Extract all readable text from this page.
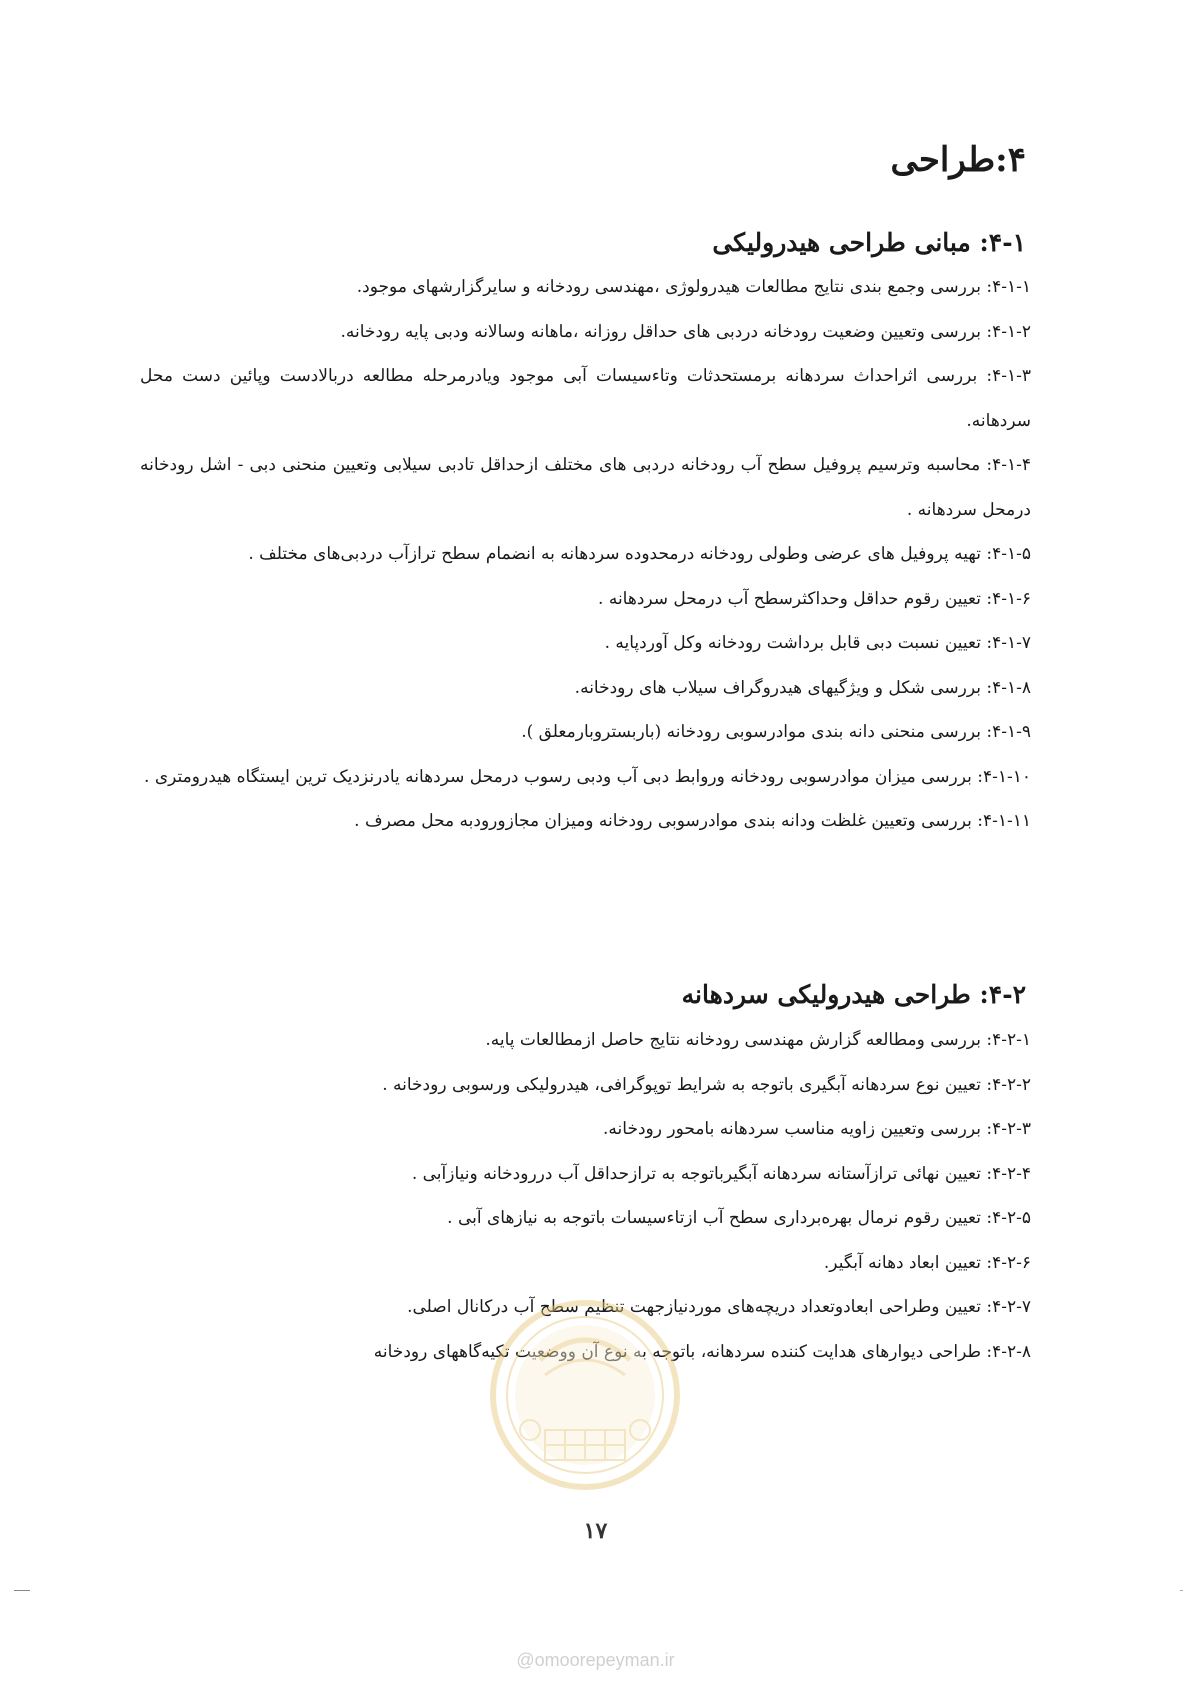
۴:طراحی
۴-۱: مبانی طراحی هیدرولیکی

۴-۱-۱: بررسی وجمع بندی نتایج مطالعات هیدرولوژی ،مهندسی رودخانه و سایرگزارشهای موجود.

۴-۱-۲: بررسی وتعیین وضعیت رودخانه دردبی های حداقل روزانه ،ماهانه وسالانه ودبی پایه رودخانه.

۴-۱-۳: بررسی اثراحداث سردهانه برمستحدثات وتاءسیسات آبی موجود ویادرمرحله مطالعه دربالادست وپائین دست محل سردهانه.

۴-۱-۴: محاسبه وترسیم پروفیل سطح آب رودخانه دردبی های مختلف ازحداقل تادبی سیلابی وتعیین منحنی دبی - اشل رودخانه درمحل سردهانه .

۴-۱-۵: تهیه پروفیل های عرضی وطولی رودخانه درمحدوده سردهانه به انضمام سطح ترازآب دردبی‌های مختلف .

۴-۱-۶: تعیین رقوم حداقل وحداکثرسطح آب درمحل سردهانه .

۴-۱-۷: تعیین نسبت دبی قابل برداشت رودخانه وکل آوردپایه .

۴-۱-۸: بررسی شکل و ویژگیهای هیدروگراف سیلاب های رودخانه.

۴-۱-۹: بررسی منحنی دانه بندی موادرسوبی رودخانه (باربستروبارمعلق ).

۴-۱-۱۰: بررسی میزان موادرسوبی رودخانه وروابط دبی آب ودبی رسوب درمحل سردهانه یادرنزدیک ترین ایستگاه هیدرومتری .

۴-۱-۱۱: بررسی وتعیین غلظت ودانه بندی موادرسوبی رودخانه ومیزان مجازورودبه محل مصرف .

۴-۲: طراحی هیدرولیکی سردهانه

۴-۲-۱: بررسی ومطالعه گزارش مهندسی رودخانه نتایج حاصل ازمطالعات پایه.

۴-۲-۲: تعیین نوع سردهانه آبگیری باتوجه به شرایط توپوگرافی، هیدرولیکی ورسوبی رودخانه .

۴-۲-۳: بررسی وتعیین زاویه مناسب سردهانه بامحور رودخانه.

۴-۲-۴: تعیین نهائی ترازآستانه سردهانه آبگیرباتوجه به ترازحداقل آب دررودخانه ونیازآبی .

۴-۲-۵: تعیین رقوم نرمال بهره‌برداری سطح آب ازتاءسیسات باتوجه به نیازهای آبی .

۴-۲-۶: تعیین ابعاد دهانه آبگیر.

۴-۲-۷: تعیین وطراحی ابعادوتعداد دریچه‌های موردنیازجهت تنظیم سطح آب درکانال اصلی.

۴-۲-۸: طراحی دیوارهای هدایت کننده سردهانه، باتوجه به نوع آن ووضعیت تکیه‌گاههای رودخانه

۱۷
@omoorepeyman.ir
